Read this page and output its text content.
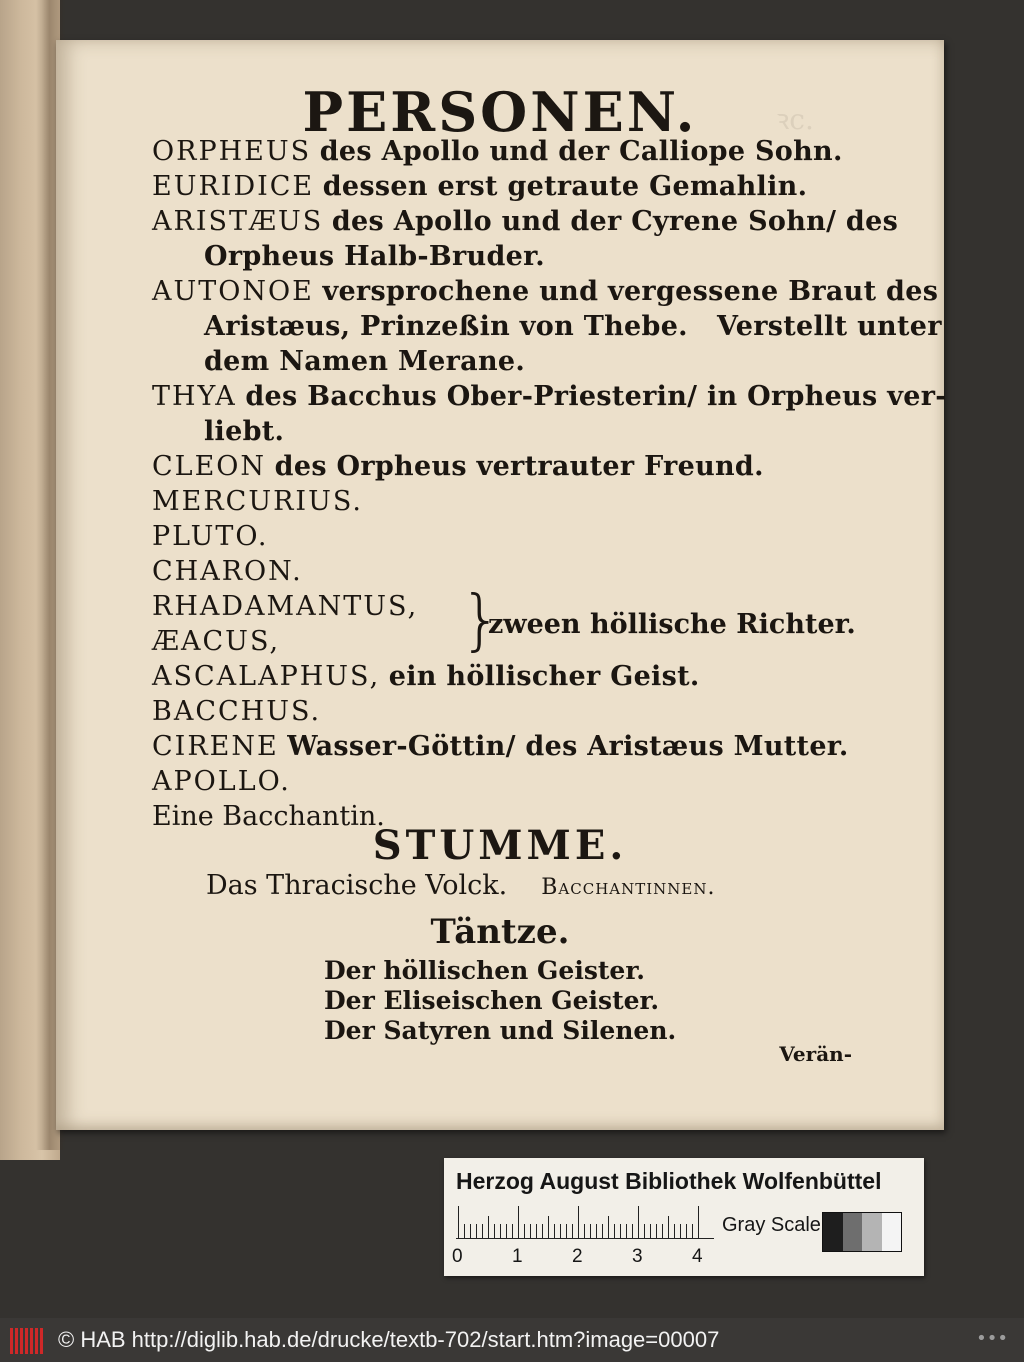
ꝛc.
PERSONEN.
ORPHEUS des Apollo und der Calliope Sohn.
EURIDICE dessen erst getraute Gemahlin.
ARISTÆUS des Apollo und der Cyrene Sohn/ des
Orpheus Halb-Bruder.
AUTONOE versprochene und vergessene Braut des
Aristæus, Prinzeßin von Thebe.   Verstellt unter
dem Namen Merane.
THYA des Bacchus Ober-Priesterin/ in Orpheus ver-
liebt.
CLEON des Orpheus vertrauter Freund.
MERCURIUS.
PLUTO.
CHARON.
RHADAMANTUS,
ÆACUS,	}
zween höllische Richter.
ASCALAPHUS, ein höllischer Geist.
BACCHUS.
CIRENE Wasser-Göttin/ des Aristæus Mutter.
APOLLO.
Eine Bacchantin.
STUMME.
Das Thracische Volck. Bacchantinnen.
Täntze.
Der höllischen Geister.
Der Eliseischen Geister.
Der Satyren und Silenen.
Verän-
Herzog August Bibliothek Wolfenbüttel
0	1	2	3	4
Gray Scale
© HAB http://diglib.hab.de/drucke/textb-702/start.htm?image=00007	•••
